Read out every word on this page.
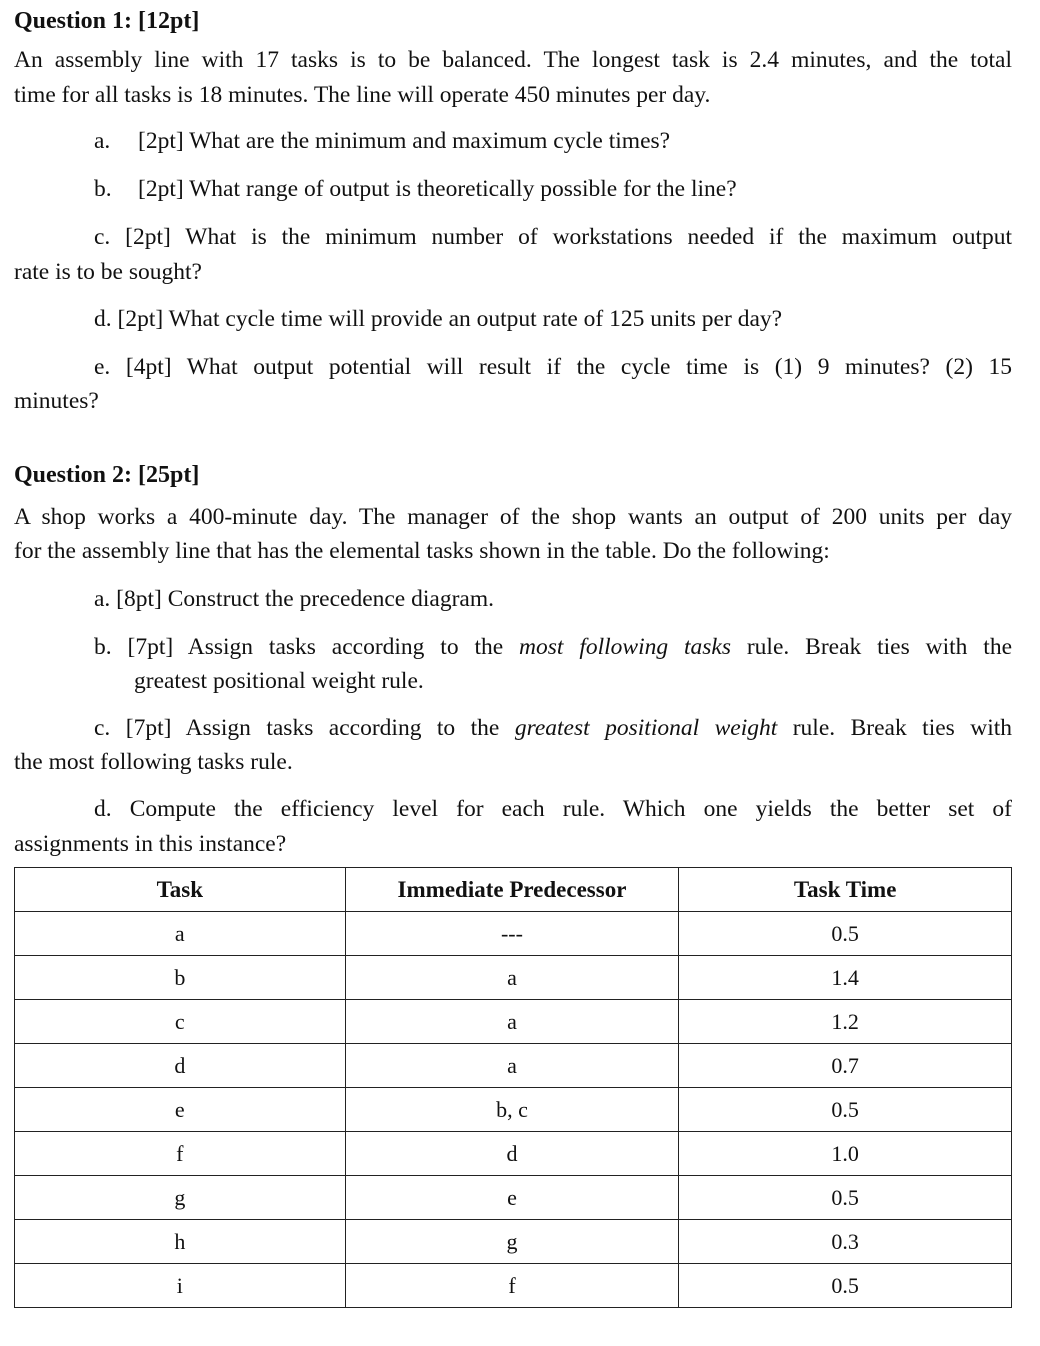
Question 1: [12pt]
An assembly line with 17 tasks is to be balanced. The longest task is 2.4 minutes, and the total
time for all tasks is 18 minutes. The line will operate 450 minutes per day.
a. [2pt] What are the minimum and maximum cycle times?
b. [2pt] What range of output is theoretically possible for the line?
c. [2pt] What is the minimum number of workstations needed if the maximum output
rate is to be sought?
d. [2pt] What cycle time will provide an output rate of 125 units per day?
e. [4pt] What output potential will result if the cycle time is (1) 9 minutes? (2) 15
minutes?
Question 2: [25pt]
A shop works a 400-minute day. The manager of the shop wants an output of 200 units per day
for the assembly line that has the elemental tasks shown in the table. Do the following:
a. [8pt] Construct the precedence diagram.
b. [7pt] Assign tasks according to the most following tasks rule. Break ties with the
greatest positional weight rule.
c. [7pt] Assign tasks according to the greatest positional weight rule. Break ties with
the most following tasks rule.
d. Compute the efficiency level for each rule. Which one yields the better set of
assignments in this instance?
Task	Immediate Predecessor	Task Time
a	---	0.5
b	a	1.4
c	a	1.2
d	a	0.7
e	b, c	0.5
f	d	1.0
g	e	0.5
h	g	0.3
i	f	0.5
